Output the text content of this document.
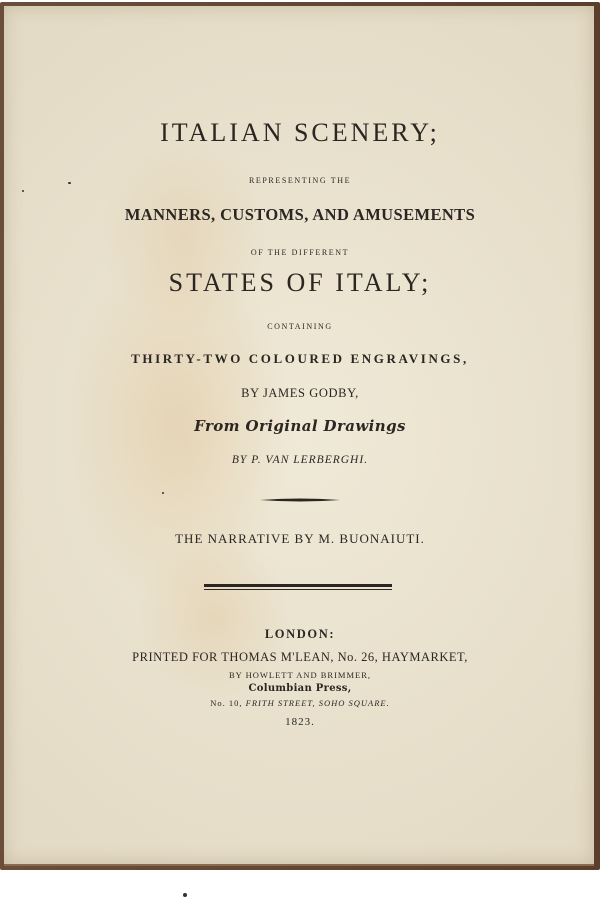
ITALIAN SCENERY;
REPRESENTING THE
MANNERS, CUSTOMS, AND AMUSEMENTS
OF THE DIFFERENT
STATES OF ITALY;
CONTAINING
THIRTY-TWO COLOURED ENGRAVINGS,
BY JAMES GODBY,
From Original Drawings
BY P. VAN LERBERGHI.
THE NARRATIVE BY M. BUONAIUTI.
LONDON:
PRINTED FOR THOMAS M'LEAN, No. 26, HAYMARKET,
BY HOWLETT AND BRIMMER,
Columbian Press,
No. 10, FRITH STREET, SOHO SQUARE.
1823.
